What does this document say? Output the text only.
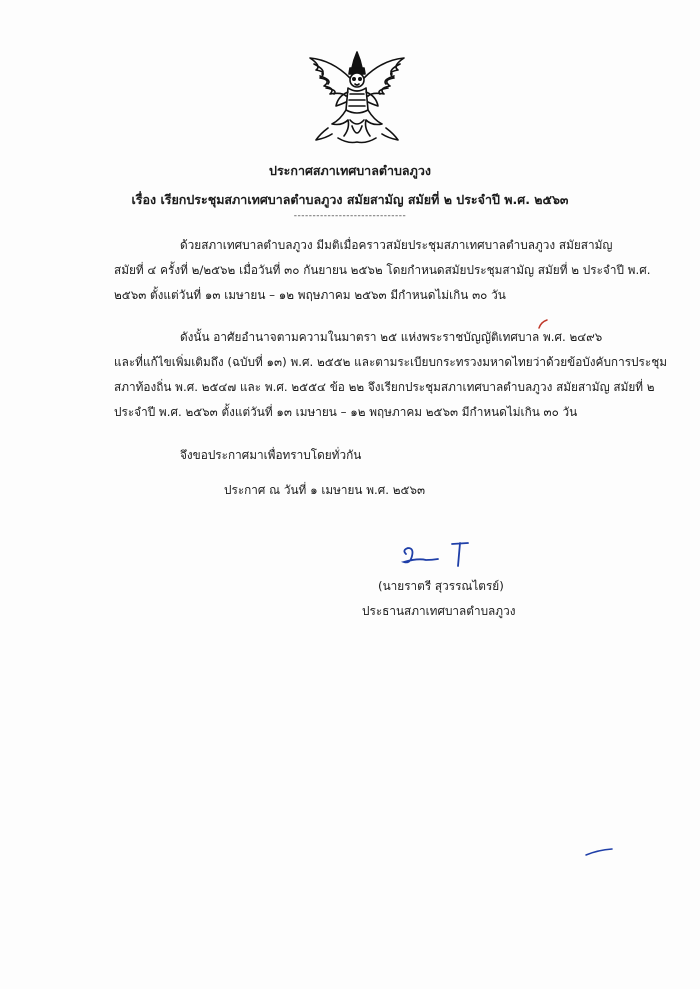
ประกาศสภาเทศบาลตำบลภูวง
เรื่อง เรียกประชุมสภาเทศบาลตำบลภูวง สมัยสามัญ สมัยที่ ๒ ประจำปี พ.ศ. ๒๕๖๓
------------------------------
ด้วยสภาเทศบาลตำบลภูวง มีมติเมื่อคราวสมัยประชุมสภาเทศบาลตำบลภูวง สมัยสามัญ
สมัยที่ ๔ ครั้งที่ ๒/๒๕๖๒ เมื่อวันที่ ๓๐ กันยายน ๒๕๖๒ โดยกำหนดสมัยประชุมสามัญ สมัยที่ ๒ ประจำปี พ.ศ.
๒๕๖๓ ตั้งแต่วันที่ ๑๓ เมษายน – ๑๒ พฤษภาคม ๒๕๖๓ มีกำหนดไม่เกิน ๓๐ วัน
ดังนั้น อาศัยอำนาจตามความในมาตรา ๒๕ แห่งพระราชบัญญัติเทศบาล พ.ศ. ๒๔๙๖
และที่แก้ไขเพิ่มเติมถึง (ฉบับที่ ๑๓) พ.ศ. ๒๕๕๒ และตามระเบียบกระทรวงมหาดไทยว่าด้วยข้อบังคับการประชุม
สภาท้องถิ่น พ.ศ. ๒๕๔๗ และ พ.ศ. ๒๕๕๔ ข้อ ๒๒ จึงเรียกประชุมสภาเทศบาลตำบลภูวง สมัยสามัญ สมัยที่ ๒
ประจำปี พ.ศ. ๒๕๖๓ ตั้งแต่วันที่ ๑๓ เมษายน – ๑๒ พฤษภาคม ๒๕๖๓ มีกำหนดไม่เกิน ๓๐ วัน
จึงขอประกาศมาเพื่อทราบโดยทั่วกัน
ประกาศ ณ วันที่ ๑ เมษายน พ.ศ. ๒๕๖๓
(นายราตรี สุวรรณไตรย์)
ประธานสภาเทศบาลตำบลภูวง
